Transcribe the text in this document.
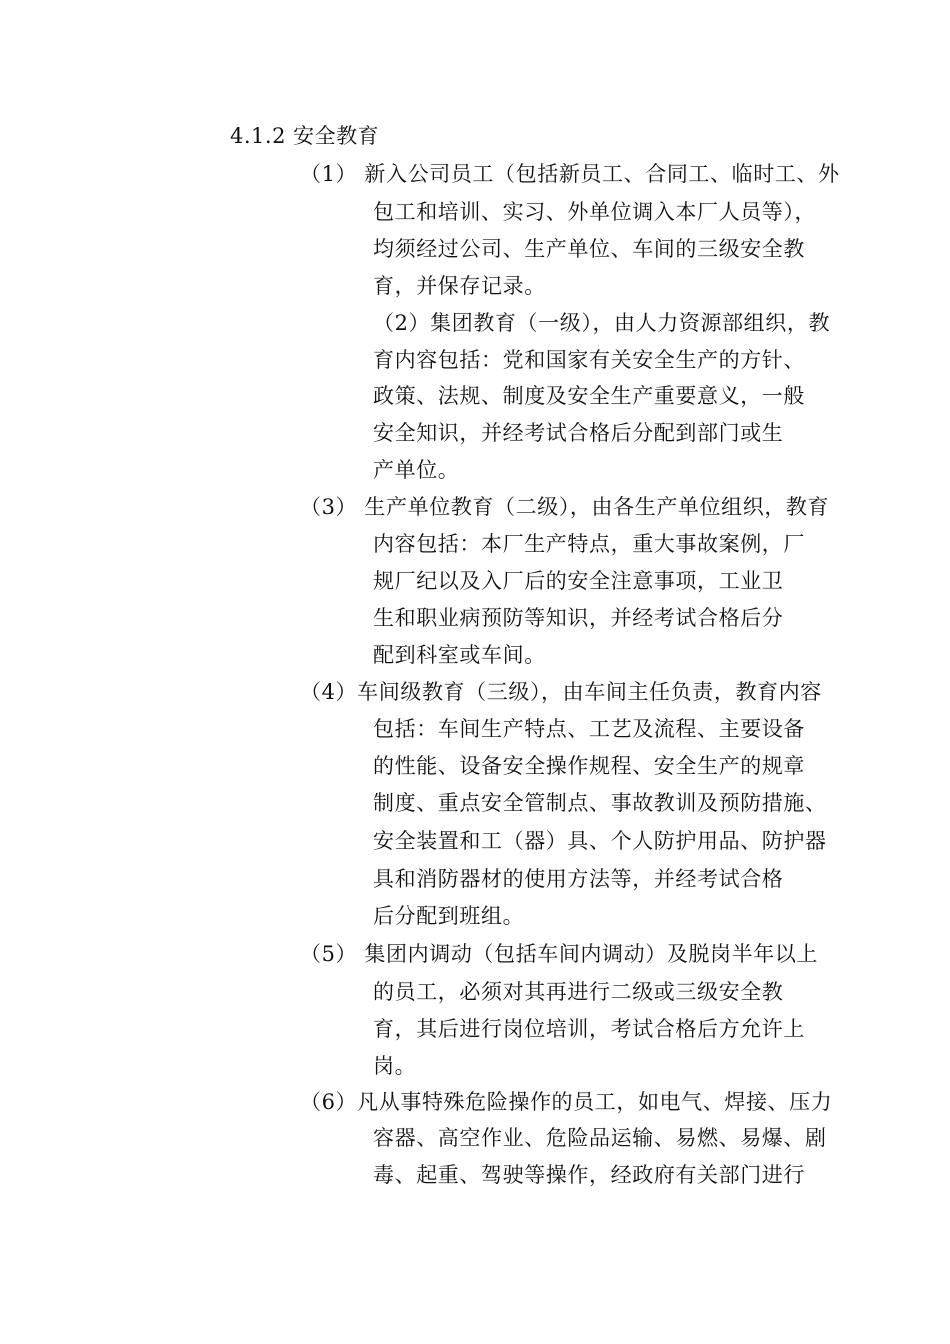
4.1.2 安全教育
（1） 新入公司员工（包括新员工、合同工、临时工、外
包工和培训、实习、外单位调入本厂人员等），
均须经过公司、生产单位、车间的三级安全教
育，并保存记录。
（2）集团教育（一级），由人力资源部组织，教
育内容包括：党和国家有关安全生产的方针、
政策、法规、制度及安全生产重要意义，一般
安全知识，并经考试合格后分配到部门或生
产单位。
（3） 生产单位教育（二级），由各生产单位组织，教育
内容包括：本厂生产特点，重大事故案例，厂
规厂纪以及入厂后的安全注意事项，工业卫
生和职业病预防等知识，并经考试合格后分
配到科室或车间。
（4）车间级教育（三级），由车间主任负责，教育内容
包括：车间生产特点、工艺及流程、主要设备
的性能、设备安全操作规程、安全生产的规章
制度、重点安全管制点、事故教训及预防措施、
安全装置和工（器）具、个人防护用品、防护器
具和消防器材的使用方法等，并经考试合格
后分配到班组。
（5） 集团内调动（包括车间内调动）及脱岗半年以上
的员工，必须对其再进行二级或三级安全教
育，其后进行岗位培训，考试合格后方允许上
岗。
（6）凡从事特殊危险操作的员工，如电气、焊接、压力
容器、高空作业、危险品运输、易燃、易爆、剧
毒、起重、驾驶等操作，经政府有关部门进行
